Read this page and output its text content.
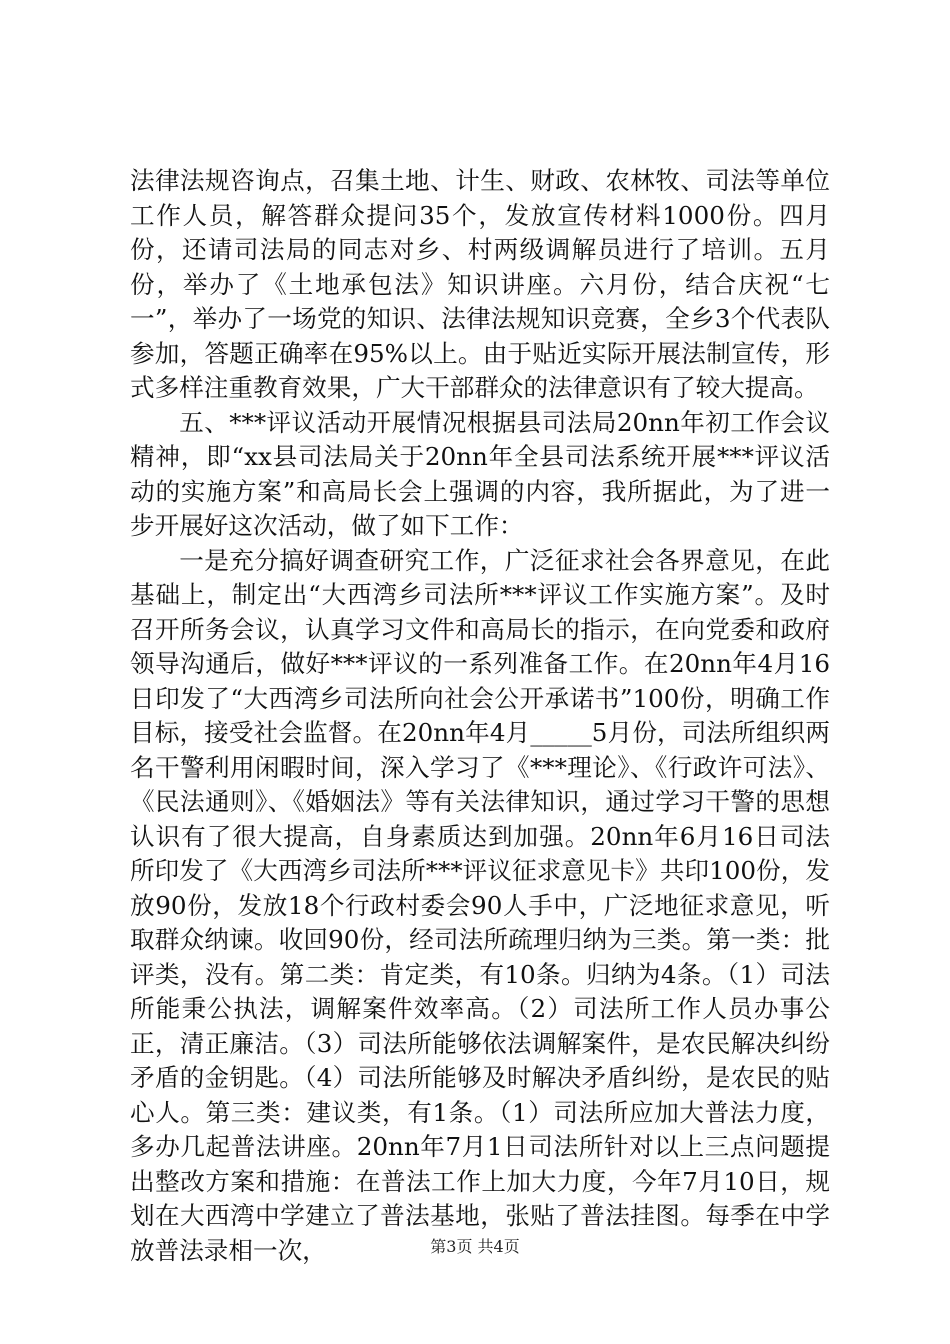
法律法规咨询点，召集土地、计生、财政、农林牧、司法等单位工作人员，解答群众提问35个，发放宣传材料1000份。四月份，还请司法局的同志对乡、村两级调解员进行了培训。五月份，举办了《土地承包法》知识讲座。六月份，结合庆祝“七一”，举办了一场党的知识、法律法规知识竞赛，全乡3个代表队参加，答题正确率在95%以上。由于贴近实际开展法制宣传，形式多样注重教育效果，广大干部群众的法律意识有了较大提高。

五、***评议活动开展情况根据县司法局20nn年初工作会议精神，即“xx县司法局关于20nn年全县司法系统开展***评议活动的实施方案”和高局长会上强调的内容，我所据此，为了进一步开展好这次活动，做了如下工作：

一是充分搞好调查研究工作，广泛征求社会各界意见，在此基础上，制定出“大西湾乡司法所***评议工作实施方案”。及时召开所务会议，认真学习文件和高局长的指示，在向党委和政府领导沟通后，做好***评议的一系列准备工作。在20nn年4月16日印发了“大西湾乡司法所向社会公开承诺书”100份，明确工作目标，接受社会监督。在20nn年4月_____5月份，司法所组织两名干警利用闲暇时间，深入学习了《***理论》、《行政许可法》、《民法通则》、《婚姻法》等有关法律知识，通过学习干警的思想认识有了很大提高，自身素质达到加强。20nn年6月16日司法所印发了《大西湾乡司法所***评议征求意见卡》共印100份，发放90份，发放18个行政村委会90人手中，广泛地征求意见，听取群众纳谏。收回90份，经司法所疏理归纳为三类。第一类：批评类，没有。第二类：肯定类，有10条。归纳为4条。（1）司法所能秉公执法，调解案件效率高。（2）司法所工作人员办事公正，清正廉洁。（3）司法所能够依法调解案件，是农民解决纠纷矛盾的金钥匙。（4）司法所能够及时解决矛盾纠纷，是农民的贴心人。第三类：建议类，有1条。（1）司法所应加大普法力度，多办几起普法讲座。20nn年7月1日司法所针对以上三点问题提出整改方案和措施：在普法工作上加大力度，今年7月10日，规划在大西湾中学建立了普法基地，张贴了普法挂图。每季在中学放普法录相一次，	第3页 共4页
